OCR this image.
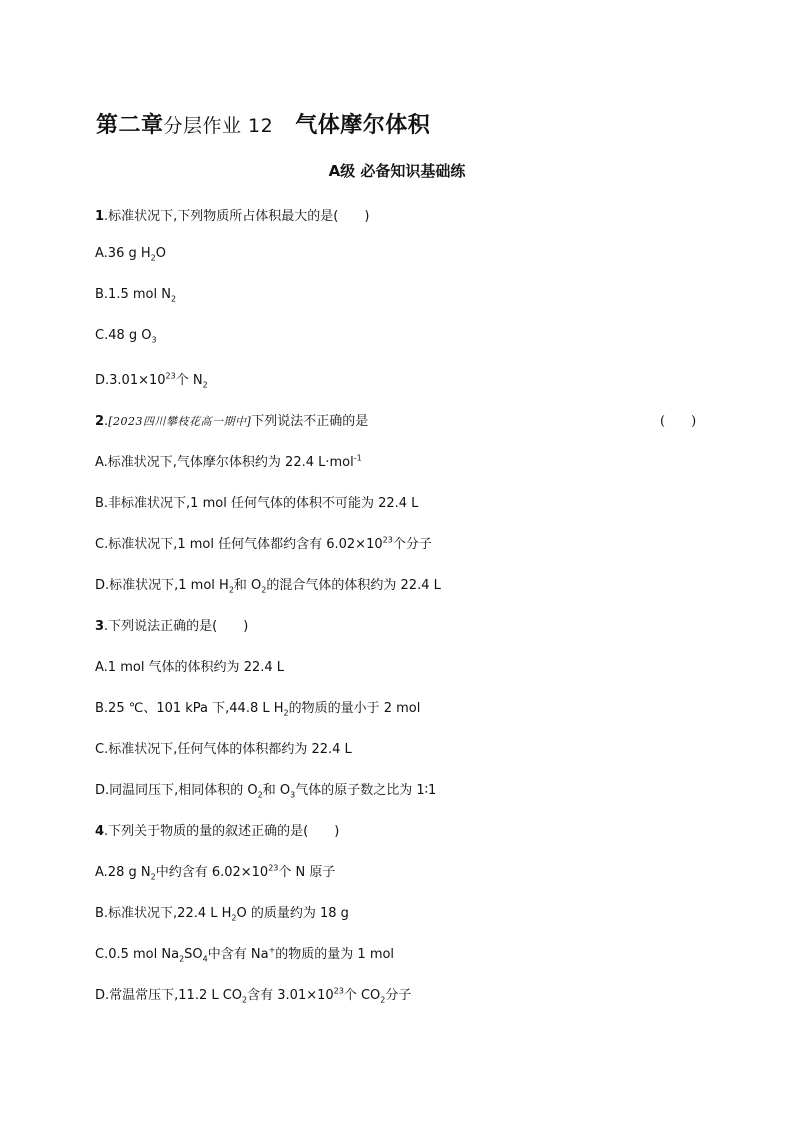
第二章分层作业 12 气体摩尔体积
A级 必备知识基础练
1.标准状况下,下列物质所占体积最大的是(　　)
A.36 g $H_2O$
B.1.5 mol $N_2$
C.48 g $O_3$
$D.3.01\times 10^{23}$个 $N_2$
2.[2023四川攀枝花高一期中]下列说法不正确的是	(　　)
A.标准状况下,气体摩尔体积约为 22.4 L·mol$^{-1}$
B.非标准状况下,1 mol 任何气体的体积不可能为 22.4 L
C.标准状况下,1 mol 任何气体都约含有 $6.02\times 10^{23}$个分子
D.标准状况下,1 mol $H_2$和 $O_2$的混合气体的体积约为 22.4 L
3.下列说法正确的是(　　)
A.1 mol 气体的体积约为 22.4 L
B.25 ℃、101 kPa 下,44.8 L $H_2$的物质的量小于 2 mol
C.标准状况下,任何气体的体积都约为 22.4 L
D.同温同压下,相同体积的 $O_2$和 $O_3$气体的原子数之比为 1∶1
4.下列关于物质的量的叙述正确的是(　　)
A.28 g $N_2$中约含有 $6.02\times 10^{23}$个 N 原子
B.标准状况下,22.4 L $H_2O$ 的质量约为 18 g
C.0.5 mol $Na_2SO_4$中含有 Na+的物质的量为 1 mol
D.常温常压下,11.2 L $CO_2$含有 $3.01\times 10^{23}$个 $CO_2$分子
